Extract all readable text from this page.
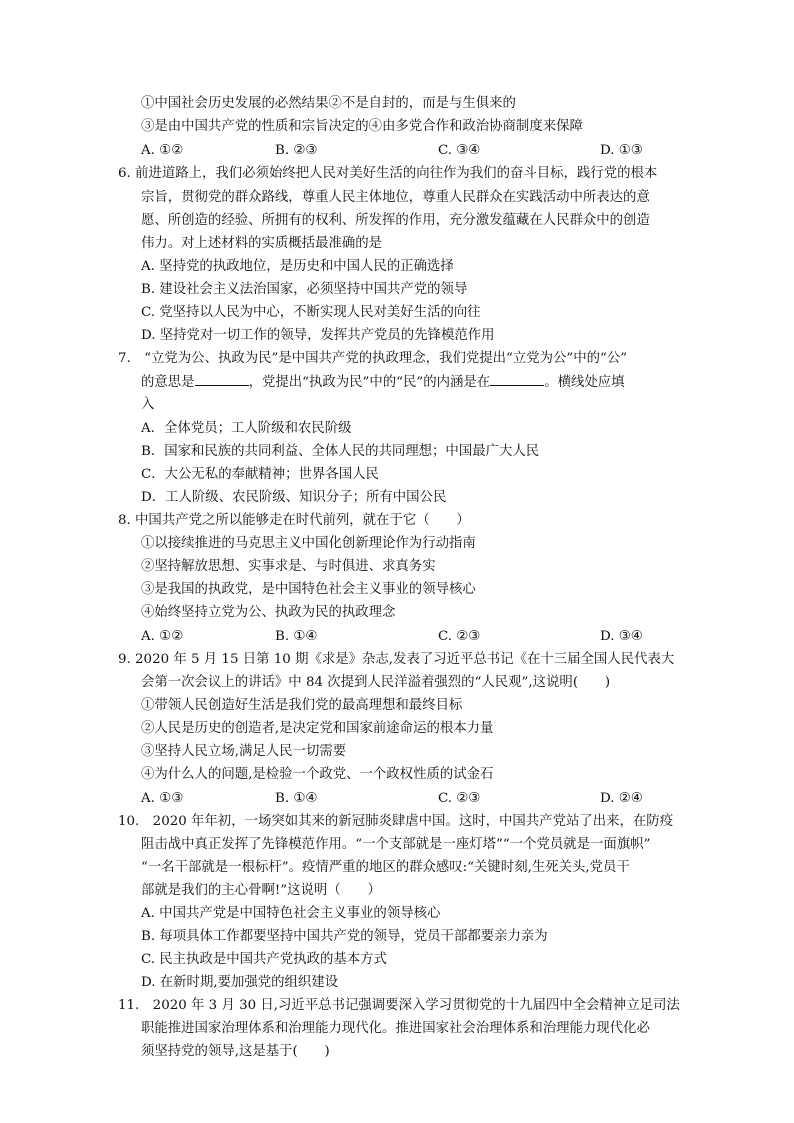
①中国社会历史发展的必然结果②不是自封的，而是与生俱来的
③是由中国共产党的性质和宗旨决定的④由多党合作和政治协商制度来保障
A. ①②	B. ②③	C. ③④	D. ①③
6. 前进道路上，我们必须始终把人民对美好生活的向往作为我们的奋斗目标，践行党的根本
宗旨，贯彻党的群众路线，尊重人民主体地位，尊重人民群众在实践活动中所表达的意
愿、所创造的经验、所拥有的权利、所发挥的作用，充分激发蕴藏在人民群众中的创造
伟力。对上述材料的实质概括最准确的是
A. 坚持党的执政地位，是历史和中国人民的正确选择
B. 建设社会主义法治国家，必须坚持中国共产党的领导
C. 党坚持以人民为中心，不断实现人民对美好生活的向往
D. 坚持党对一切工作的领导，发挥共产党员的先锋模范作用
7.　“立党为公、执政为民”是中国共产党的执政理念，我们党提出“立党为公”中的“公”
的意思是	，党提出“执政为民”中的“民”的内涵是在	。横线处应填
入
A．全体党员；工人阶级和农民阶级
B．国家和民族的共同利益、全体人民的共同理想；中国最广大人民
C．大公无私的奉献精神；世界各国人民
D．工人阶级、农民阶级、知识分子；所有中国公民
8. 中国共产党之所以能够走在时代前列，就在于它（　　）
①以接续推进的马克思主义中国化创新理论作为行动指南
②坚持解放思想、实事求是、与时俱进、求真务实
③是我国的执政党，是中国特色社会主义事业的领导核心
④始终坚持立党为公、执政为民的执政理念
A. ①②	B. ①④	C. ②③	D. ③④
9. 2020 年 5 月 15 日第 10 期《求是》杂志,发表了习近平总书记《在十三届全国人民代表大
会第一次会议上的讲话》中 84 次提到人民洋溢着强烈的“人民观”,这说明(　　)
①带领人民创造好生活是我们党的最高理想和最终目标
②人民是历史的创造者,是决定党和国家前途命运的根本力量
③坚持人民立场,满足人民一切需要
④为什么人的问题,是检验一个政党、一个政权性质的试金石
A. ①③	B. ①④	C. ②③	D. ②④
10.　2020 年年初，一场突如其来的新冠肺炎肆虐中国。这时，中国共产党站了出来，在防疫
阻击战中真正发挥了先锋模范作用。“一个支部就是一座灯塔”“一个党员就是一面旗帜”
“一名干部就是一根标杆”。疫情严重的地区的群众感叹:“关键时刻,生死关头,党员干
部就是我们的主心骨啊!”这说明（　　）
A. 中国共产党是中国特色社会主义事业的领导核心
B. 每项具体工作都要坚持中国共产党的领导，党员干部都要亲力亲为
C. 民主执政是中国共产党执政的基本方式
D. 在新时期,要加强党的组织建设
11.　2020 年 3 月 30 日,习近平总书记强调要深入学习贯彻党的十九届四中全会精神立足司法
职能推进国家治理体系和治理能力现代化。推进国家社会治理体系和治理能力现代化必
须坚持党的领导,这是基于(　　)
